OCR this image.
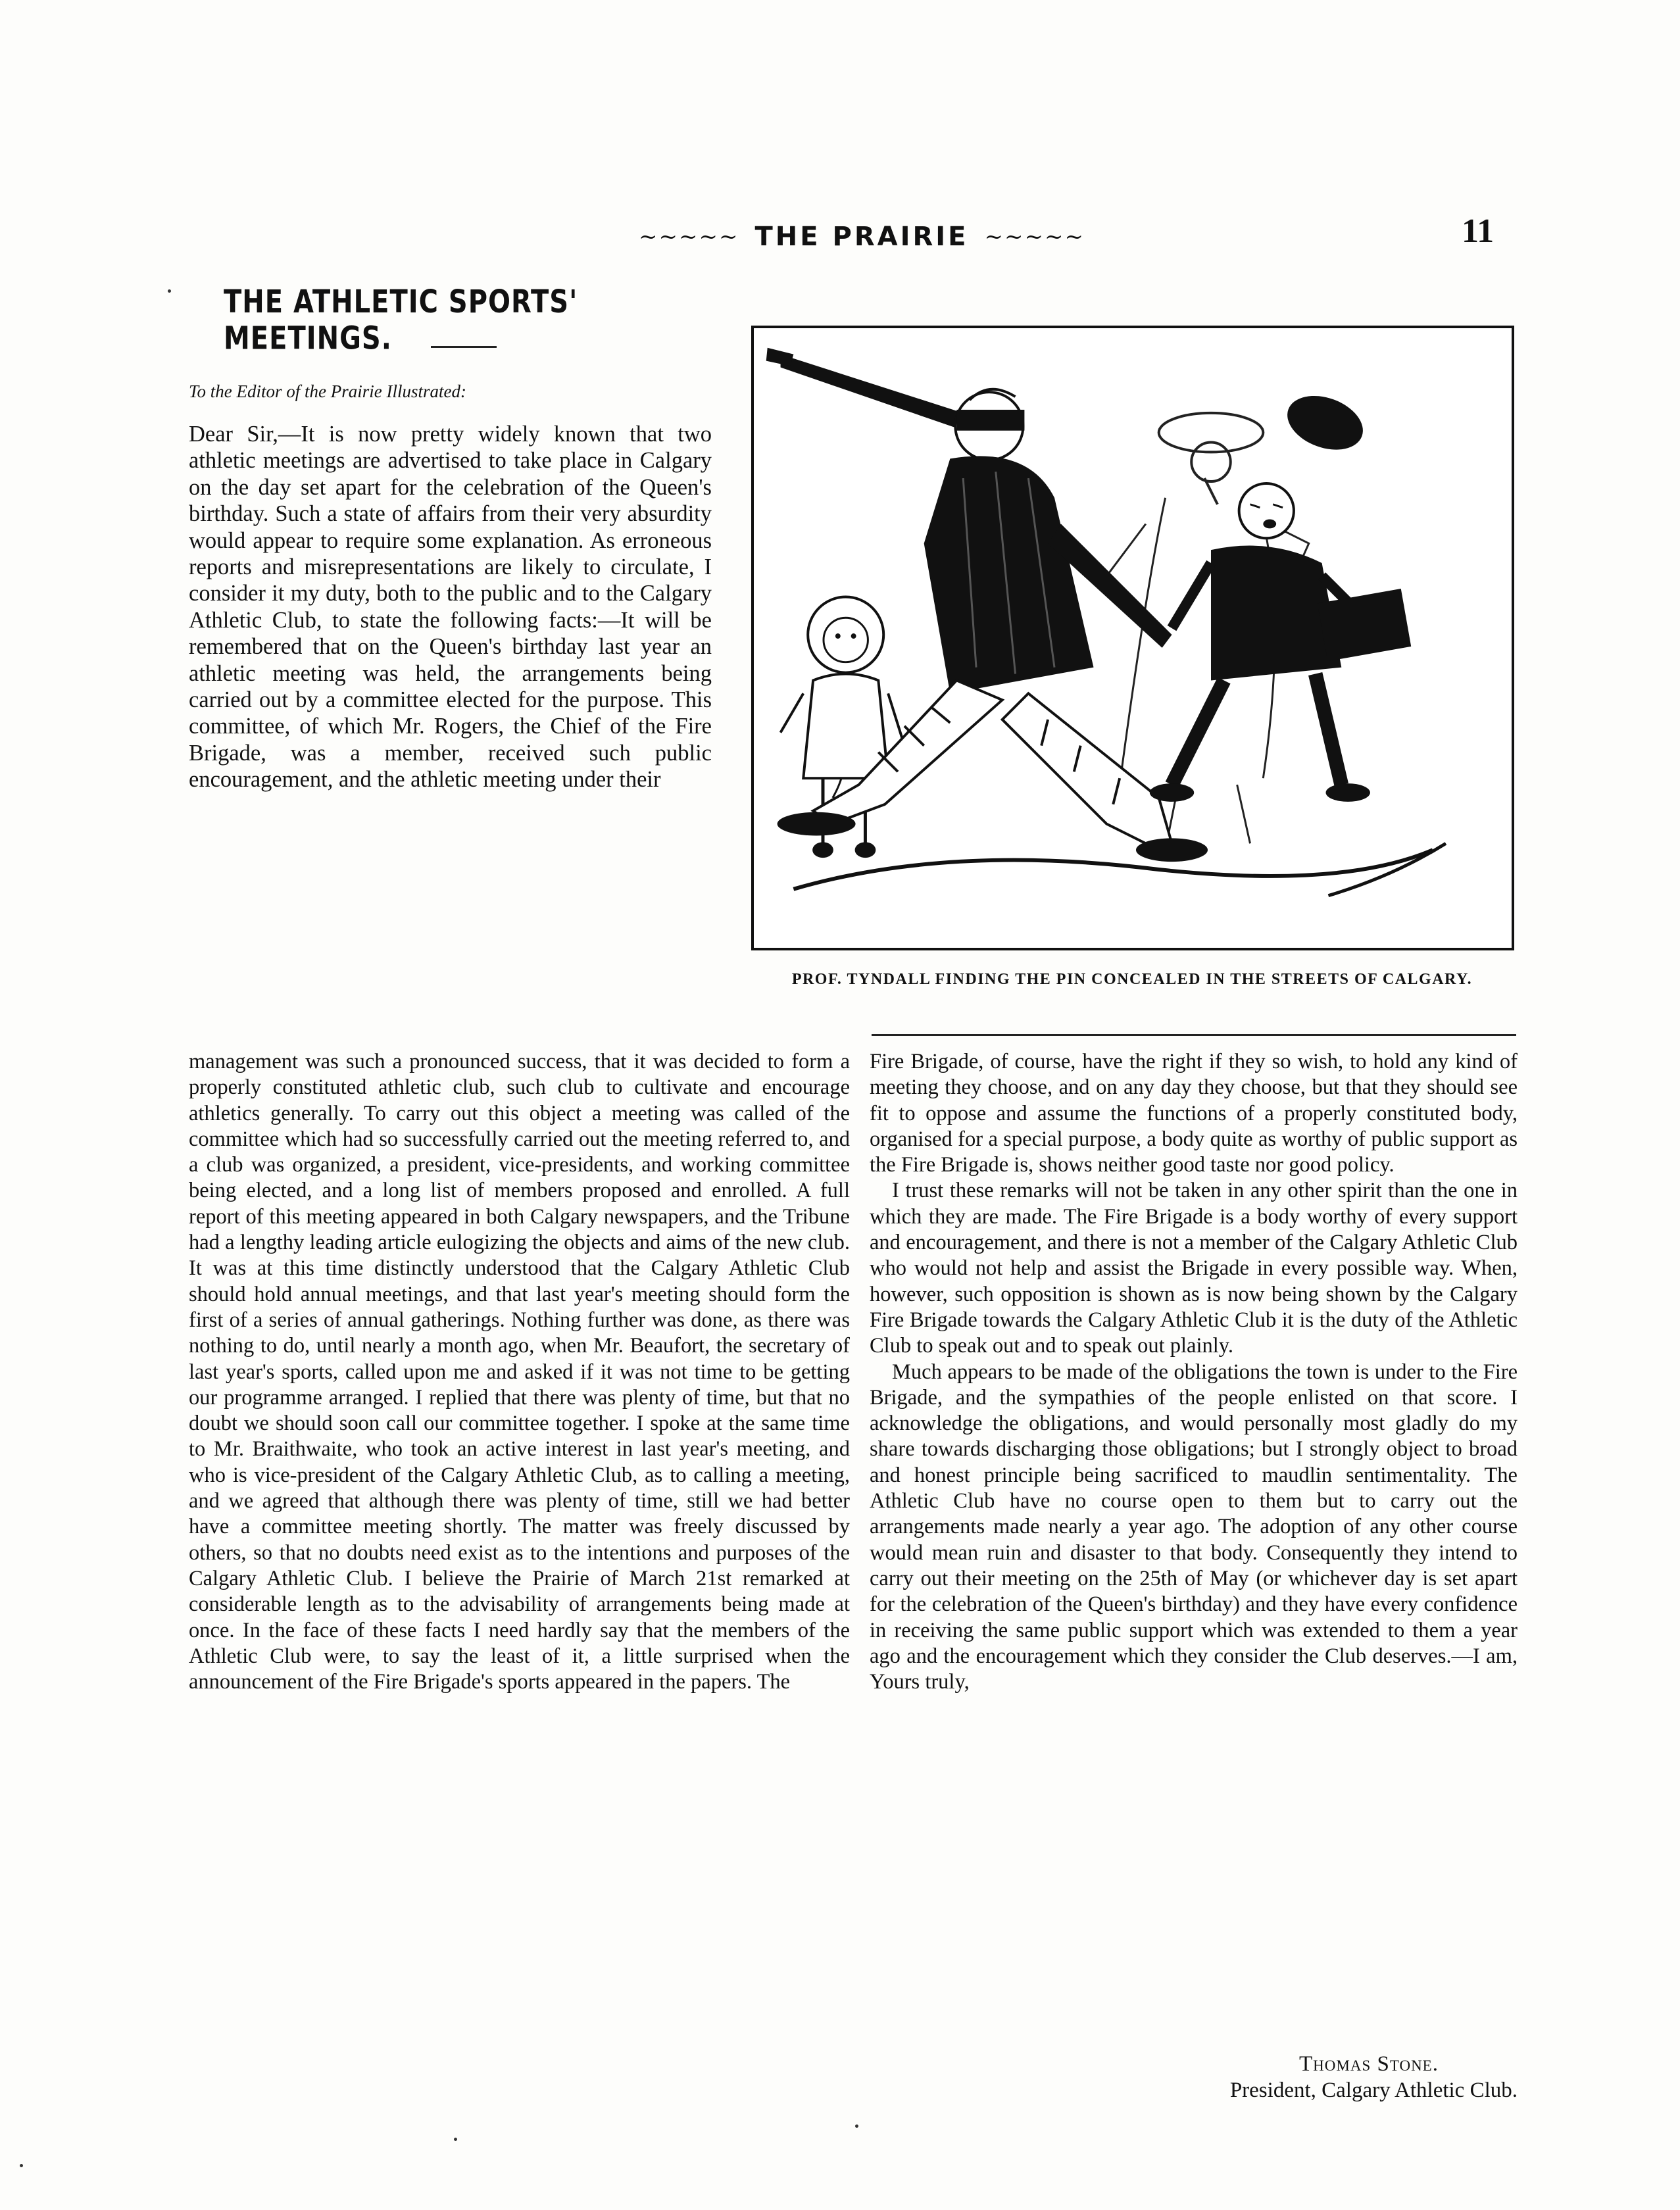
~~~~~ THE PRAIRIE ~~~~~	11
THE ATHLETIC SPORTS' MEETINGS.
To the Editor of the Prairie Illustrated:

Dear Sir,—It is now pretty widely known that two athletic meetings are advertised to take place in Calgary on the day set apart for the celebration of the Queen's birthday. Such a state of affairs from their very absurdity would appear to require some explanation. As erroneous reports and misrepresentations are likely to circulate, I consider it my duty, both to the public and to the Calgary Athletic Club, to state the following facts:—It will be remembered that on the Queen's birthday last year an athletic meeting was held, the arrangements being carried out by a committee elected for the purpose. This committee, of which Mr. Rogers, the Chief of the Fire Brigade, was a member, received such public encouragement, and the athletic meeting under their

PROF. TYNDALL FINDING THE PIN CONCEALED IN THE STREETS OF CALGARY.

management was such a pronounced success, that it was decided to form a properly constituted athletic club, such club to cultivate and encourage athletics generally. To carry out this object a meeting was called of the committee which had so successfully carried out the meeting referred to, and a club was organized, a president, vice-presidents, and working committee being elected, and a long list of members proposed and enrolled. A full report of this meeting appeared in both Calgary newspapers, and the Tribune had a lengthy leading article eulogizing the objects and aims of the new club. It was at this time distinctly understood that the Calgary Athletic Club should hold annual meetings, and that last year's meeting should form the first of a series of annual gatherings. Nothing further was done, as there was nothing to do, until nearly a month ago, when Mr. Beaufort, the secretary of last year's sports, called upon me and asked if it was not time to be getting our programme arranged. I replied that there was plenty of time, but that no doubt we should soon call our committee together. I spoke at the same time to Mr. Braithwaite, who took an active interest in last year's meeting, and who is vice-president of the Calgary Athletic Club, as to calling a meeting, and we agreed that although there was plenty of time, still we had better have a committee meeting shortly. The matter was freely discussed by others, so that no doubts need exist as to the intentions and purposes of the Calgary Athletic Club. I believe the Prairie of March 21st remarked at considerable length as to the advisability of arrangements being made at once. In the face of these facts I need hardly say that the members of the Athletic Club were, to say the least of it, a little surprised when the announcement of the Fire Brigade's sports appeared in the papers. The

Fire Brigade, of course, have the right if they so wish, to hold any kind of meeting they choose, and on any day they choose, but that they should see fit to oppose and assume the functions of a properly constituted body, organised for a special purpose, a body quite as worthy of public support as the Fire Brigade is, shows neither good taste nor good policy.

I trust these remarks will not be taken in any other spirit than the one in which they are made. The Fire Brigade is a body worthy of every support and encouragement, and there is not a member of the Calgary Athletic Club who would not help and assist the Brigade in every possible way. When, however, such opposition is shown as is now being shown by the Calgary Fire Brigade towards the Calgary Athletic Club it is the duty of the Athletic Club to speak out and to speak out plainly.

Much appears to be made of the obligations the town is under to the Fire Brigade, and the sympathies of the people enlisted on that score. I acknowledge the obligations, and would personally most gladly do my share towards discharging those obligations; but I strongly object to broad and honest principle being sacrificed to maudlin sentimentality. The Athletic Club have no course open to them but to carry out the arrangements made nearly a year ago. The adoption of any other course would mean ruin and disaster to that body. Consequently they intend to carry out their meeting on the 25th of May (or whichever day is set apart for the celebration of the Queen's birthday) and they have every confidence in receiving the same public support which was extended to them a year ago and the encouragement which they consider the Club deserves.—I am, Yours truly,

Thomas Stone.
President, Calgary Athletic Club.
